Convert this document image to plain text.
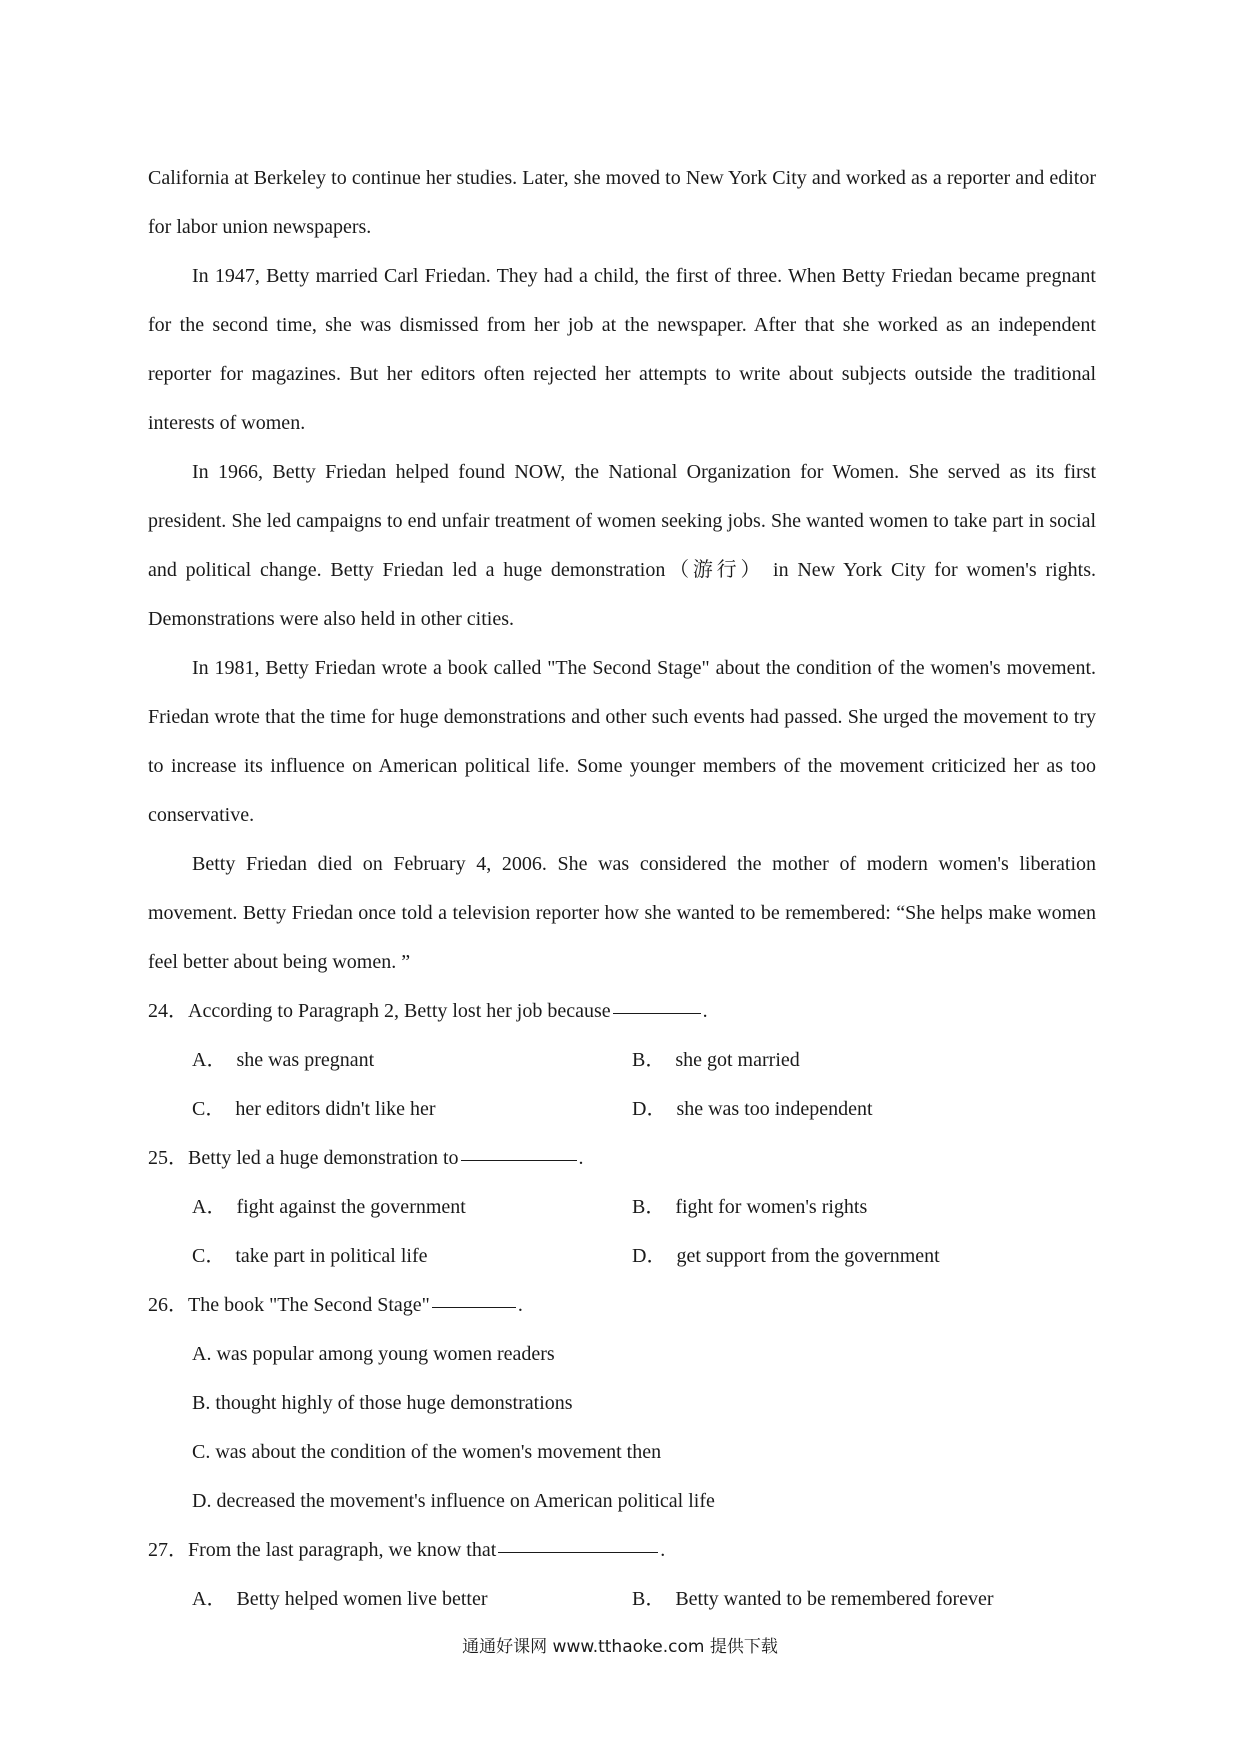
California at Berkeley to continue her studies. Later, she moved to New York City and worked as a reporter and editor for labor union newspapers.

In 1947, Betty married Carl Friedan. They had a child, the first of three. When Betty Friedan became pregnant for the second time, she was dismissed from her job at the newspaper. After that she worked as an independent reporter for magazines. But her editors often rejected her attempts to write about subjects outside the traditional interests of women.

In 1966, Betty Friedan helped found NOW, the National Organization for Women. She served as its first president. She led campaigns to end unfair treatment of women seeking jobs. She wanted women to take part in social and political change. Betty Friedan led a huge demonstration（游行） in New York City for women's rights. Demonstrations were also held in other cities.

In 1981, Betty Friedan wrote a book called "The Second Stage" about the condition of the women's movement. Friedan wrote that the time for huge demonstrations and other such events had passed. She urged the movement to try to increase its influence on American political life. Some younger members of the movement criticized her as too conservative.

Betty Friedan died on February 4, 2006. She was considered the mother of modern women's liberation movement. Betty Friedan once told a television reporter how she wanted to be remembered: “She helps make women feel better about being women. ”

24． According to Paragraph 2, Betty lost her job because	.

A． she was pregnant	B． she got married

C． her editors didn't like her	D． she was too independent

25． Betty led a huge demonstration to	.

A． fight against the government	B． fight for women's rights

C． take part in political life	D． get support from the government

26． The book "The Second Stage"	.

A. was popular among young women readers

B. thought highly of those huge demonstrations

C. was about the condition of the women's movement then

D. decreased the movement's influence on American political life

27． From the last paragraph, we know that	.

A． Betty helped women live better	B． Betty wanted to be remembered forever

通通好课网 www.tthaoke.com 提供下载
